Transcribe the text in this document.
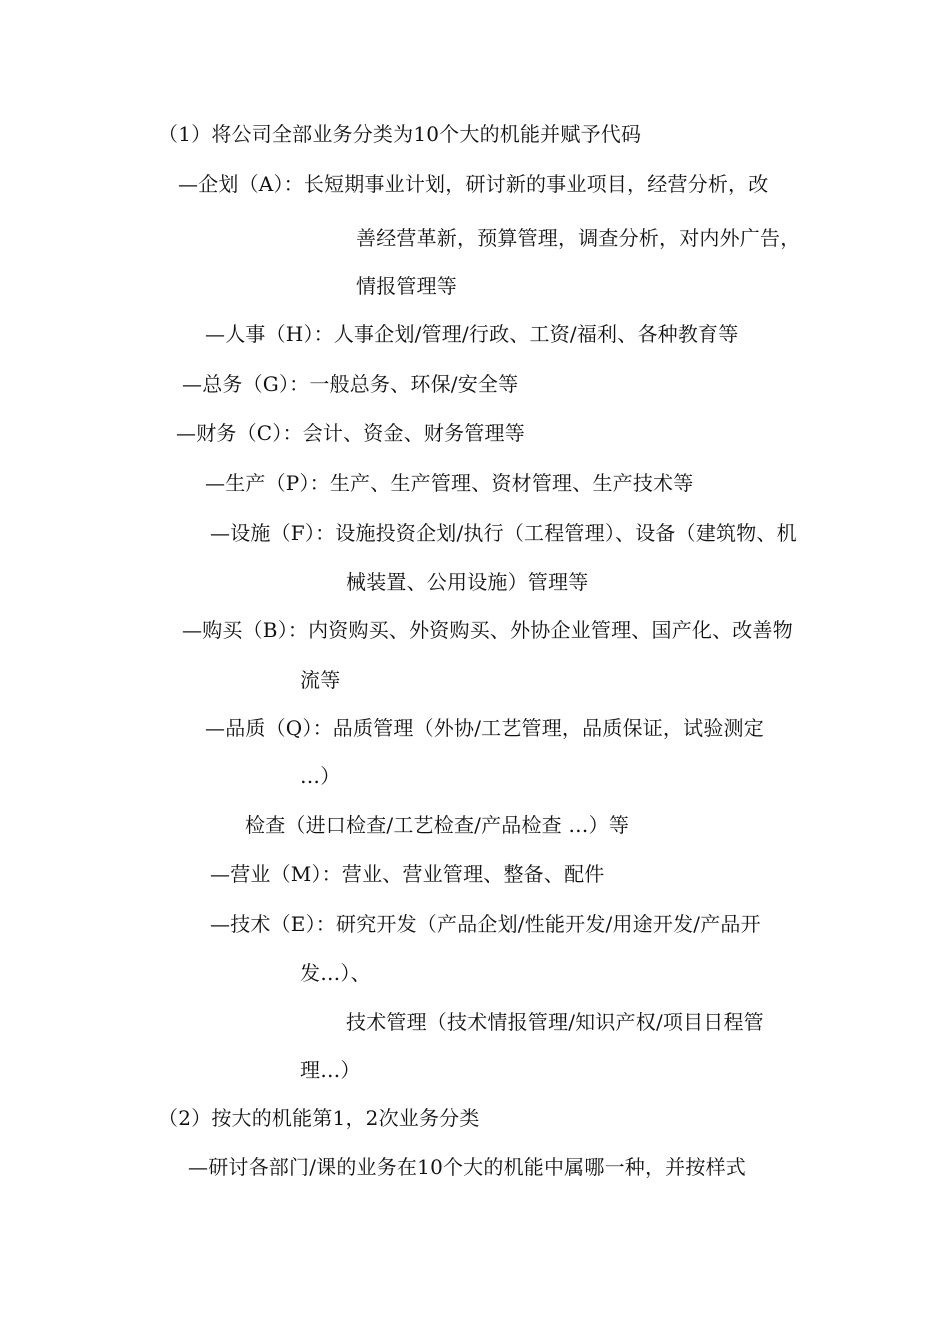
（1）将公司全部业务分类为10个大的机能并赋予代码
—企划（A）：长短期事业计划，研讨新的事业项目，经营分析，改
善经营革新，预算管理，调查分析，对内外广告，
情报管理等
—人事（H）：人事企划/管理/行政、工资/福利、各种教育等
—总务（G）：一般总务、环保/安全等
—财务（C）：会计、资金、财务管理等
—生产（P）：生产、生产管理、资材管理、生产技术等
—设施（F）：设施投资企划/执行（工程管理）、设备（建筑物、机
械装置、公用设施）管理等
—购买（B）：内资购买、外资购买、外协企业管理、国产化、改善物
流等
—品质（Q）：品质管理（外协/工艺管理，品质保证，试验测定
…）
检查（进口检查/工艺检查/产品检查 …）等
—营业（M）：营业、营业管理、整备、配件
—技术（E）：研究开发（产品企划/性能开发/用途开发/产品开
发…）、
技术管理（技术情报管理/知识产权/项目日程管
理…）
（2）按大的机能第1，2次业务分类
—研讨各部门/课的业务在10个大的机能中属哪一种，并按样式
